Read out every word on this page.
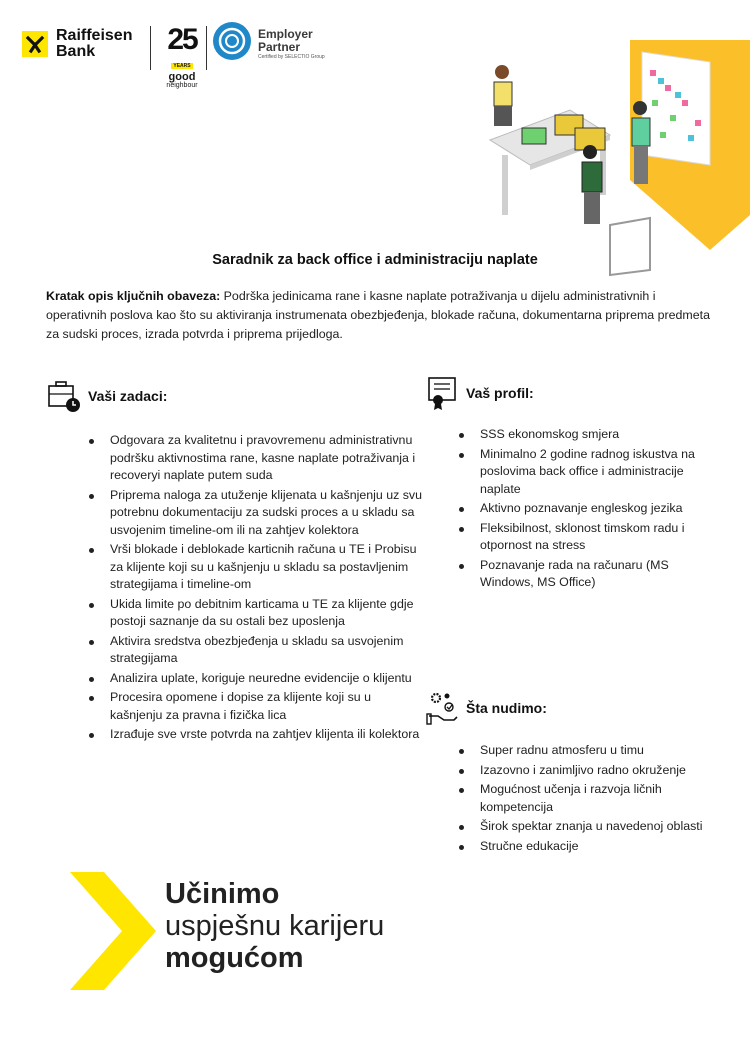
Raiffeisen
Bank	25
YEARS
good
neighbour
Employer
Partner
Certified by SELECTIO Group
Saradnik za back office i administraciju naplate
Kratak opis ključnih obaveza: Podrška jedinicama rane i kasne naplate potraživanja u dijelu administrativnih i operativnih poslova kao što su aktiviranja instrumenata obezbjeđenja, blokade računa, dokumentarna priprema predmeta za sudski proces, izrada potvrda i priprema prijedloga.
Vaši zadaci:
Odgovara za kvalitetnu i pravovremenu administrativnu podršku aktivnostima rane, kasne naplate potraživanja i recoveryi naplate putem suda
Priprema naloga za utuženje klijenata u kašnjenju uz svu potrebnu dokumentaciju za sudski proces a u skladu sa usvojenim timeline-om ili na zahtjev kolektora
Vrši blokade i deblokade karticnih računa u TE i Probisu za klijente koji su u kašnjenju u skladu sa postavljenim strategijama i timeline-om
Ukida limite po debitnim karticama u TE za klijente gdje postoji saznanje da su ostali bez uposlenja
Aktivira sredstva obezbjeđenja u skladu sa usvojenim strategijama
Analizira uplate, koriguje neuredne evidencije o klijentu
Procesira opomene i dopise za klijente koji su u kašnjenju za pravna i fizička lica
Izrađuje sve vrste potvrda na zahtjev klijenta ili kolektora
Vaš profil:
SSS ekonomskog smjera
Minimalno 2 godine radnog iskustva na poslovima back office i administracije naplate
Aktivno poznavanje engleskog jezika
Fleksibilnost, sklonost timskom radu i otpornost na stress
Poznavanje rada na računaru (MS Windows, MS Office)
Šta nudimo:
Super radnu atmosferu u timu
Izazovno i zanimljivo radno okruženje
Mogućnost učenja i razvoja ličnih kompetencija
Širok spektar znanja u navedenoj oblasti
Stručne edukacije
Učinimo
uspješnu karijeru
mogućom
